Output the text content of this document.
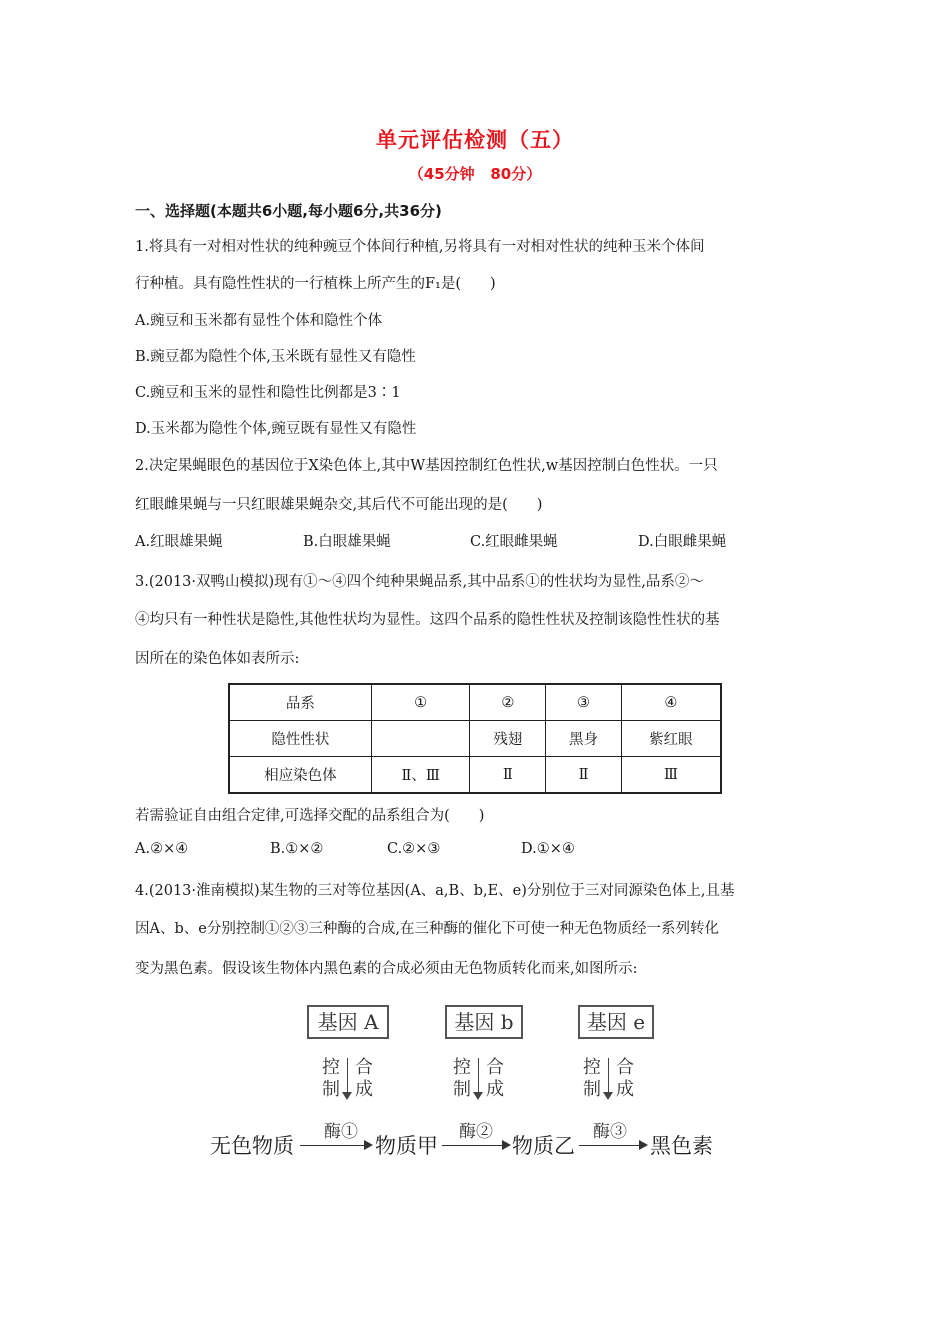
单元评估检测（五）
（45分钟   80分）
一、选择题(本题共6小题,每小题6分,共36分)
1.将具有一对相对性状的纯种豌豆个体间行种植,另将具有一对相对性状的纯种玉米个体间
行种植。具有隐性性状的一行植株上所产生的F₁是(　　)
A.豌豆和玉米都有显性个体和隐性个体
B.豌豆都为隐性个体,玉米既有显性又有隐性
C.豌豆和玉米的显性和隐性比例都是3∶1
D.玉米都为隐性个体,豌豆既有显性又有隐性
2.决定果蝇眼色的基因位于X染色体上,其中W基因控制红色性状,w基因控制白色性状。一只
红眼雌果蝇与一只红眼雄果蝇杂交,其后代不可能出现的是(　　)
A.红眼雄果蝇	B.白眼雄果蝇	C.红眼雌果蝇	D.白眼雌果蝇
3.(2013·双鸭山模拟)现有①～④四个纯种果蝇品系,其中品系①的性状均为显性,品系②～
④均只有一种性状是隐性,其他性状均为显性。这四个品系的隐性性状及控制该隐性性状的基
因所在的染色体如表所示:
品系	①	②	③	④
隐性性状		残翅	黑身	紫红眼
相应染色体	Ⅱ、Ⅲ	Ⅱ	Ⅱ	Ⅲ
若需验证自由组合定律,可选择交配的品系组合为(　　)
A.②×④	B.①×②	C.②×③	D.①×④
4.(2013·淮南模拟)某生物的三对等位基因(A、a,B、b,E、e)分别位于三对同源染色体上,且基
因A、b、e分别控制①②③三种酶的合成,在三种酶的催化下可使一种无色物质经一系列转化
变为黑色素。假设该生物体内黑色素的合成必须由无色物质转化而来,如图所示:
基因 A	基因 b	基因 e
控
制
合
成
控
制
合
成
控
制
合
成
无色物质
酶①
物质甲
酶②
物质乙
酶③
黑色素
